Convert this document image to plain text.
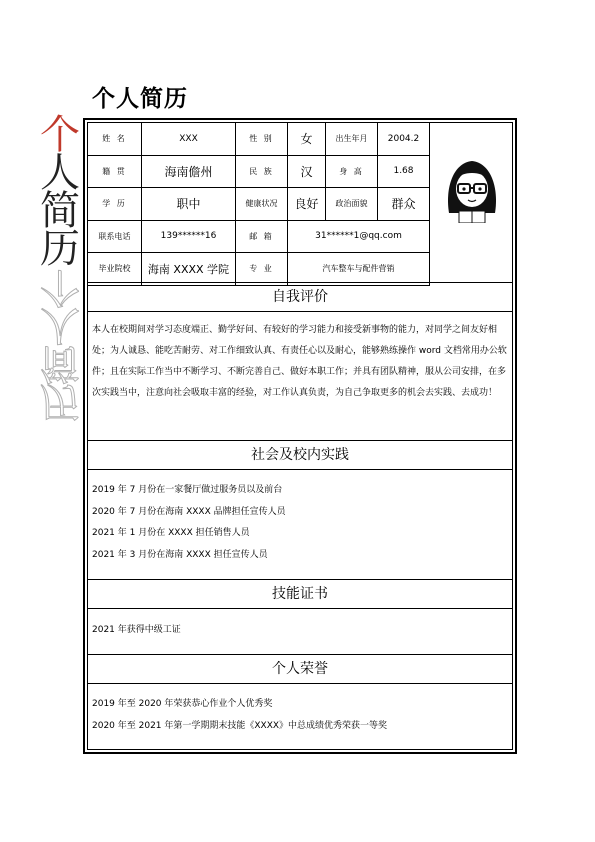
个人简历
个
人
简
历
历
简
人
个
姓 名	XXX	性 别	女	出生年月	2004.2	

籍 贯	海南儋州	民 族	汉	身 高	1.68	
学 历	职中	健康状况	良好	政治面貌	群众	
联系电话	139******16	邮 箱	31******1@qq.com			
毕业院校	海南 XXXX 学院	专 业	汽车整车与配件营销			
自我评价
本人在校期间对学习态度端正、勤学好问、有较好的学习能力和接受新事物的能力，对同学之间友好相处；为人诚恳、能吃苦耐劳、对工作细致认真、有责任心以及耐心，能够熟练操作 word 文档常用办公软件；且在实际工作当中不断学习、不断完善自己、做好本职工作；并具有团队精神，服从公司安排，在多次实践当中，注意向社会吸取丰富的经验，对工作认真负责，为自己争取更多的机会去实践、去成功！
社会及校内实践
2019 年 7 月份在一家餐厅做过服务员以及前台
2020 年 7 月份在海南 XXXX 品牌担任宣传人员
2021 年 1 月份在 XXXX 担任销售人员
2021 年 3 月份在海南 XXXX 担任宣传人员
技能证书
2021 年获得中级工证
个人荣誉
2019 年至 2020 年荣获恭心作业个人优秀奖
2020 年至 2021 年第一学期期末技能《XXXX》中总成绩优秀荣获一等奖
